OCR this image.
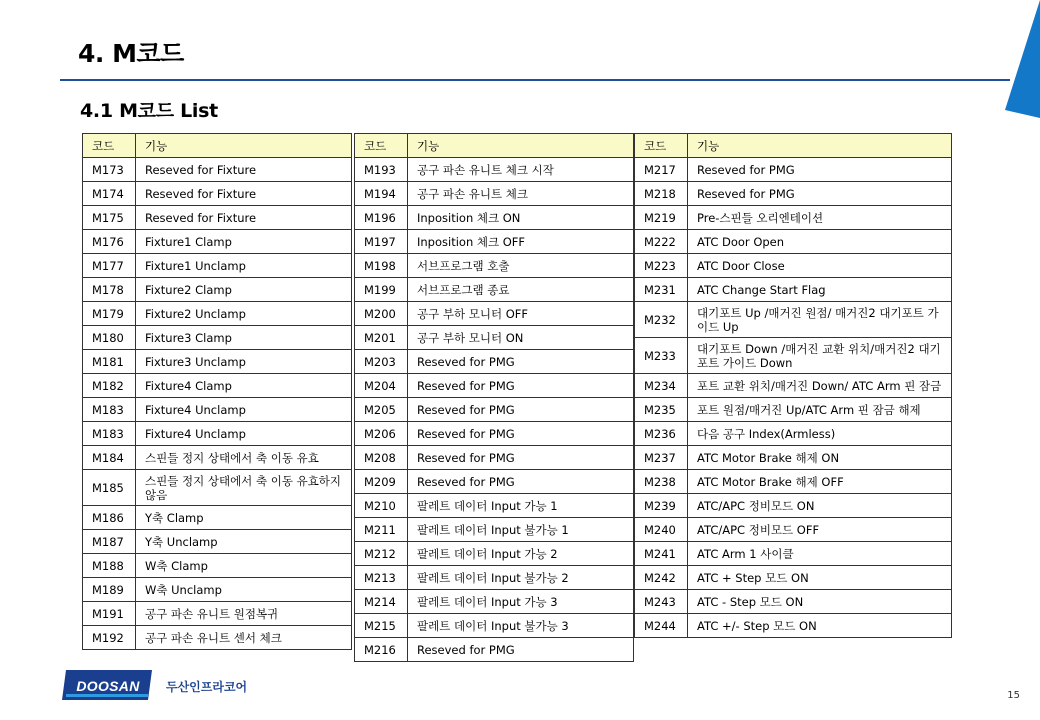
4. M코드
4.1 M코드 List
코드	기능
M173	Reseved for Fixture
M174	Reseved for Fixture
M175	Reseved for Fixture
M176	Fixture1 Clamp
M177	Fixture1 Unclamp
M178	Fixture2 Clamp
M179	Fixture2 Unclamp
M180	Fixture3 Clamp
M181	Fixture3 Unclamp
M182	Fixture4 Clamp
M183	Fixture4 Unclamp
M183	Fixture4 Unclamp
M184	스핀들 정지 상태에서 축 이동 유효
M185	스핀들 정지 상태에서 축 이동 유효하지 않음
M186	Y축 Clamp
M187	Y축 Unclamp
M188	W축 Clamp
M189	W축 Unclamp
M191	공구 파손 유니트 원점복귀
M192	공구 파손 유니트 센서 체크
코드	기능
M193	공구 파손 유니트 체크 시작
M194	공구 파손 유니트 체크
M196	Inposition 체크 ON
M197	Inposition 체크 OFF
M198	서브프로그램 호출
M199	서브프로그램 종료
M200	공구 부하 모니터 OFF
M201	공구 부하 모니터 ON
M203	Reseved for PMG
M204	Reseved for PMG
M205	Reseved for PMG
M206	Reseved for PMG
M208	Reseved for PMG
M209	Reseved for PMG
M210	팔레트 데이터 Input 가능 1
M211	팔레트 데이터 Input 불가능 1
M212	팔레트 데이터 Input 가능 2
M213	팔레트 데이터 Input 불가능 2
M214	팔레트 데이터 Input 가능 3
M215	팔레트 데이터 Input 불가능 3
M216	Reseved for PMG
코드	기능
M217	Reseved for PMG
M218	Reseved for PMG
M219	Pre-스핀들 오리엔테이션
M222	ATC Door Open
M223	ATC Door Close
M231	ATC Change Start Flag
M232	대기포트 Up /매거진 원점/ 매거진2 대기포트 가이드 Up
M233	대기포트 Down /매거진 교환 위치/매거진2 대기포트 가이드 Down
M234	포트 교환 위치/매거진 Down/ ATC Arm 핀 잠금
M235	포트 원점/매거진 Up/ATC Arm 핀 잠금 해제
M236	다음 공구 Index(Armless)
M237	ATC Motor Brake 해제 ON
M238	ATC Motor Brake 해제 OFF
M239	ATC/APC 정비모드 ON
M240	ATC/APC 정비모드 OFF
M241	ATC Arm 1 사이클
M242	ATC + Step 모드 ON
M243	ATC - Step 모드 ON
M244	ATC +/- Step 모드 ON
DOOSAN	두산인프라코어
15
